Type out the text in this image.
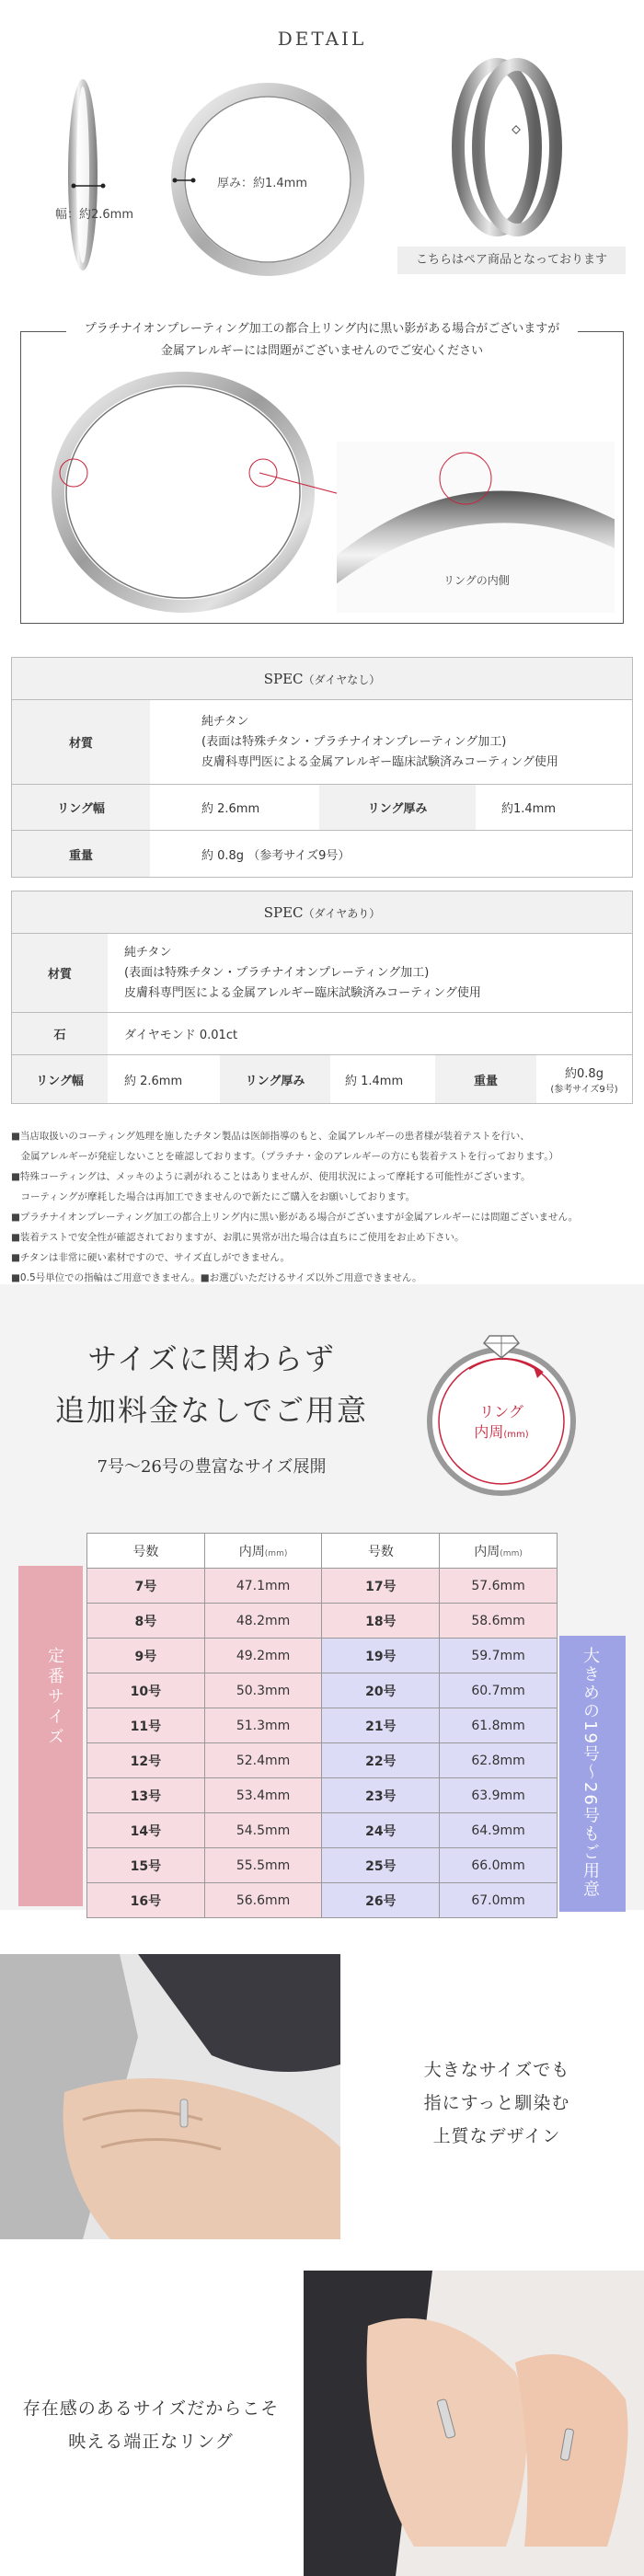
DETAIL
幅：約2.6mm
厚み：約1.4mm
こちらはペア商品となっております
プラチナイオンプレーティング加工の都合上リング内に黒い影がある場合がございますが
金属アレルギーには問題がございませんのでご安心ください
リングの内側
SPEC（ダイヤなし）
材質
純チタン
(表面は特殊チタン・プラチナイオンプレーティング加工)
皮膚科専門医による金属アレルギー臨床試験済みコーティング使用
リング幅	約 2.6mm	リング厚み	約1.4mm
重量	約 0.8g （参考サイズ9号）
SPEC（ダイヤあり）
材質
純チタン
(表面は特殊チタン・プラチナイオンプレーティング加工)
皮膚科専門医による金属アレルギー臨床試験済みコーティング使用
石	ダイヤモンド 0.01ct
リング幅	約 2.6mm	リング厚み	約 1.4mm	重量	約0.8g
(参考サイズ9号)
■当店取扱いのコーティング処理を施したチタン製品は医師指導のもと、金属アレルギーの患者様が装着テストを行い、
　金属アレルギーが発症しないことを確認しております。（プラチナ・金のアレルギーの方にも装着テストを行っております。）
■特殊コーティングは、メッキのように剥がれることはありませんが、使用状況によって摩耗する可能性がございます。
　コーティングが摩耗した場合は再加工できませんので新たにご購入をお願いしております。
■プラチナイオンプレーティング加工の都合上リング内に黒い影がある場合がございますが金属アレルギーには問題ございません。
■装着テストで安全性が確認されておりますが、お肌に異常が出た場合は直ちにご使用をお止め下さい。
■チタンは非常に硬い素材ですので、サイズ直しができません。
■0.5号単位での指輪はご用意できません。■お選びいただけるサイズ以外ご用意できません。
サイズに関わらず
追加料金なしでご用意
7号〜26号の豊富なサイズ展開
リング
内周(mm)
定番サイズ	大きめの19号〜26号もご用意
号数	内周(mm)	号数	内周(mm)
7号	47.1mm	17号	57.6mm
8号	48.2mm	18号	58.6mm
9号	49.2mm	19号	59.7mm
10号	50.3mm	20号	60.7mm
11号	51.3mm	21号	61.8mm
12号	52.4mm	22号	62.8mm
13号	53.4mm	23号	63.9mm
14号	54.5mm	24号	64.9mm
15号	55.5mm	25号	66.0mm
16号	56.6mm	26号	67.0mm
大きなサイズでも
指にすっと馴染む
上質なデザイン
存在感のあるサイズだからこそ
映える端正なリング
